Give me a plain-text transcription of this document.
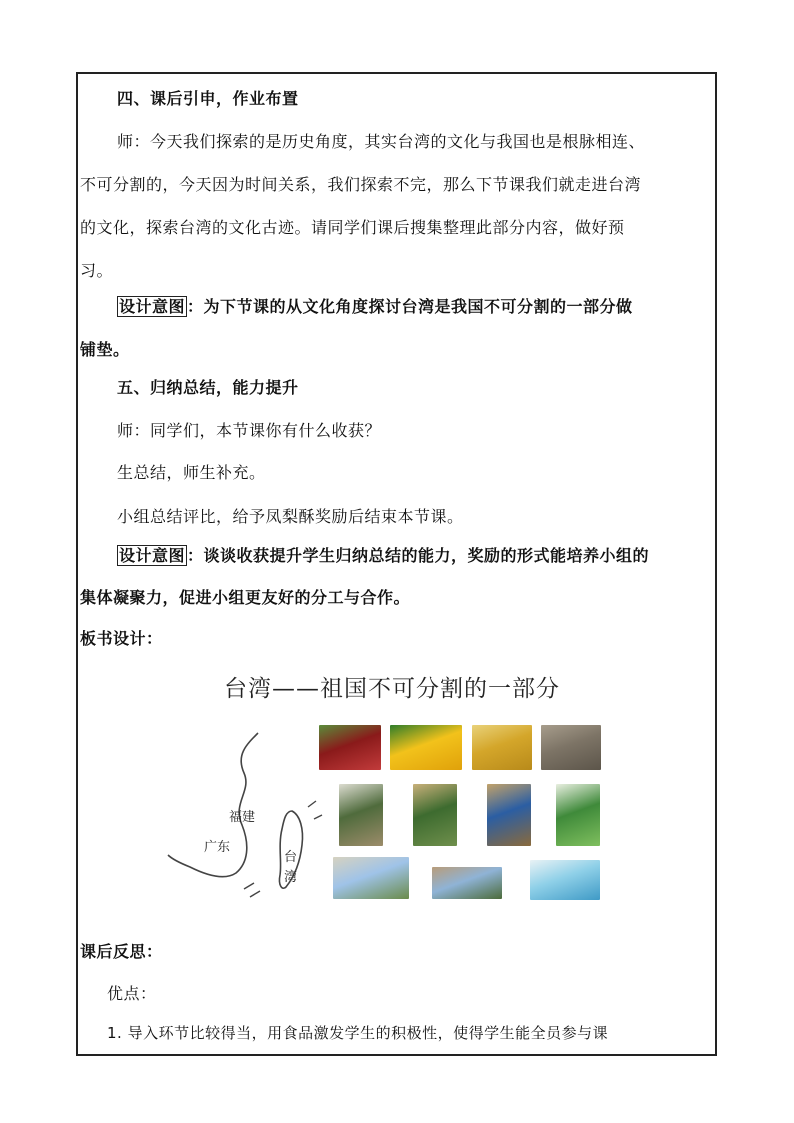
四、课后引申，作业布置
师：今天我们探索的是历史角度，其实台湾的文化与我国也是根脉相连、
不可分割的，今天因为时间关系，我们探索不完，那么下节课我们就走进台湾
的文化，探索台湾的文化古迹。请同学们课后搜集整理此部分内容，做好预
习。
设计意图 ：为下节课的从文化角度探讨台湾是我国不可分割的一部分做
铺垫。
五、归纳总结，能力提升
师：同学们，本节课你有什么收获？
生总结，师生补充。
小组总结评比，给予凤梨酥奖励后结束本节课。
设计意图 ：谈谈收获提升学生归纳总结的能力，奖励的形式能培养小组的
集体凝聚力，促进小组更友好的分工与合作。
板书设计：
台湾——祖国不可分割的一部分
福建
广东
台
湾
课后反思：
优点：
1. 导入环节比较得当，用食品激发学生的积极性，使得学生能全员参与课
